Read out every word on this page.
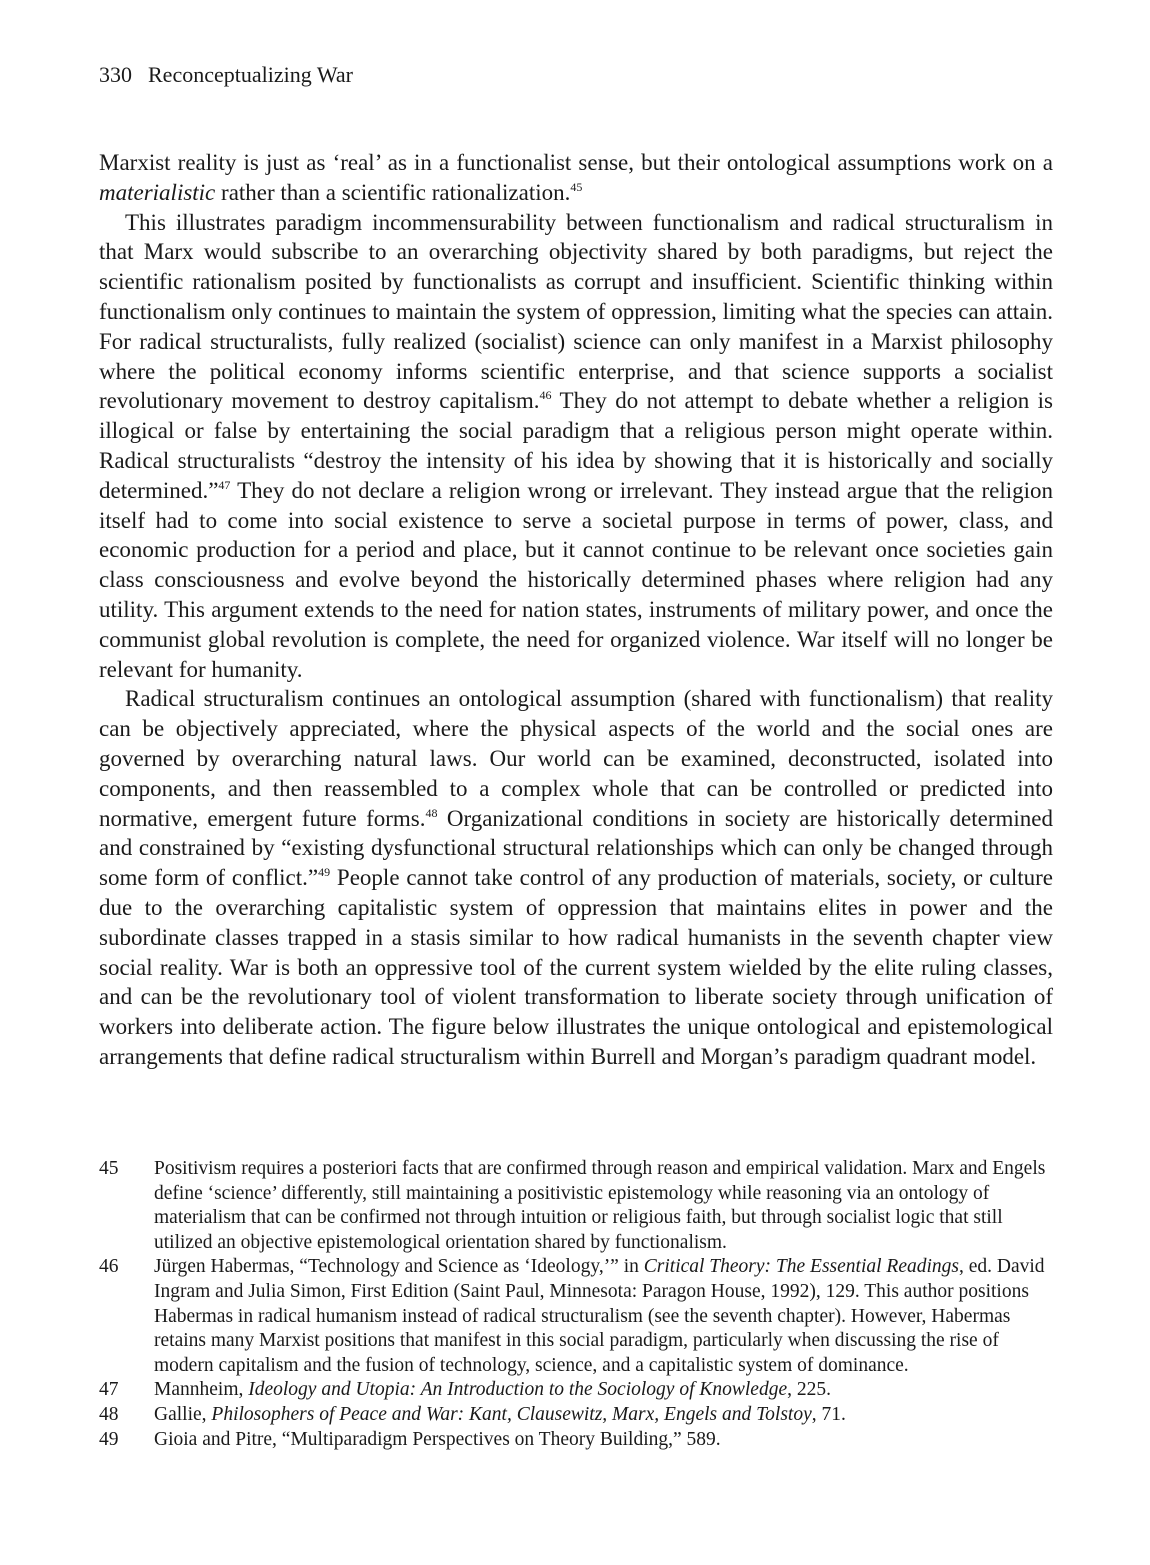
330 Reconceptualizing War

Marxist reality is just as ‘real’ as in a functionalist sense, but their ontological assumptions work on a materialistic rather than a scientific rationalization.$^{45}$

This illustrates paradigm incommensurability between functionalism and radical structuralism in that Marx would subscribe to an overarching objectivity shared by both paradigms, but reject the scientific rationalism posited by functionalists as corrupt and insufficient. Scientific thinking within functionalism only continues to maintain the system of oppression, limiting what the species can attain. For radical structuralists, fully realized (socialist) science can only manifest in a Marxist philosophy where the political economy informs scientific enterprise, and that science supports a socialist revolutionary movement to destroy capitalism.$^{46}$ They do not attempt to debate whether a religion is illogical or false by entertaining the social paradigm that a religious person might operate within. Radical structuralists “destroy the intensity of his idea by showing that it is historically and socially determined.”$^{47}$ They do not declare a religion wrong or irrelevant. They instead argue that the religion itself had to come into social existence to serve a societal purpose in terms of power, class, and economic production for a period and place, but it cannot continue to be relevant once societies gain class consciousness and evolve beyond the historically determined phases where religion had any utility. This argument extends to the need for nation states, instruments of military power, and once the communist global revolution is complete, the need for organized violence. War itself will no longer be relevant for humanity.

Radical structuralism continues an ontological assumption (shared with functionalism) that reality can be objectively appreciated, where the physical aspects of the world and the social ones are governed by overarching natural laws. Our world can be examined, deconstructed, isolated into components, and then reassembled to a complex whole that can be controlled or predicted into normative, emergent future forms.$^{48}$ Organizational conditions in society are historically determined and constrained by “existing dysfunctional structural relationships which can only be changed through some form of conflict.”$^{49}$ People cannot take control of any production of materials, society, or culture due to the overarching capitalistic system of oppression that maintains elites in power and the subordinate classes trapped in a stasis similar to how radical humanists in the seventh chapter view social reality. War is both an oppressive tool of the current system wielded by the elite ruling classes, and can be the revolutionary tool of violent transformation to liberate society through unification of workers into deliberate action. The figure below illustrates the unique ontological and epistemological arrangements that define radical structuralism within Burrell and Morgan’s paradigm quadrant model.

45	Positivism requires a posteriori facts that are confirmed through reason and empirical validation. Marx and Engels define ‘science’ differently, still maintaining a positivistic epistemology while reasoning via an ontology of materialism that can be confirmed not through intuition or religious faith, but through socialist logic that still utilized an objective epistemological orientation shared by functionalism.
46	Jürgen Habermas, “Technology and Science as ‘Ideology,’” in Critical Theory: The Essential Readings, ed. David Ingram and Julia Simon, First Edition (Saint Paul, Minnesota: Paragon House, 1992), 129. This author positions Habermas in radical humanism instead of radical structuralism (see the seventh chapter). However, Habermas retains many Marxist positions that manifest in this social paradigm, particularly when discussing the rise of modern capitalism and the fusion of technology, science, and a capitalistic system of dominance.
47	Mannheim, Ideology and Utopia: An Introduction to the Sociology of Knowledge, 225.
48	Gallie, Philosophers of Peace and War: Kant, Clausewitz, Marx, Engels and Tolstoy, 71.
49	Gioia and Pitre, “Multiparadigm Perspectives on Theory Building,” 589.
